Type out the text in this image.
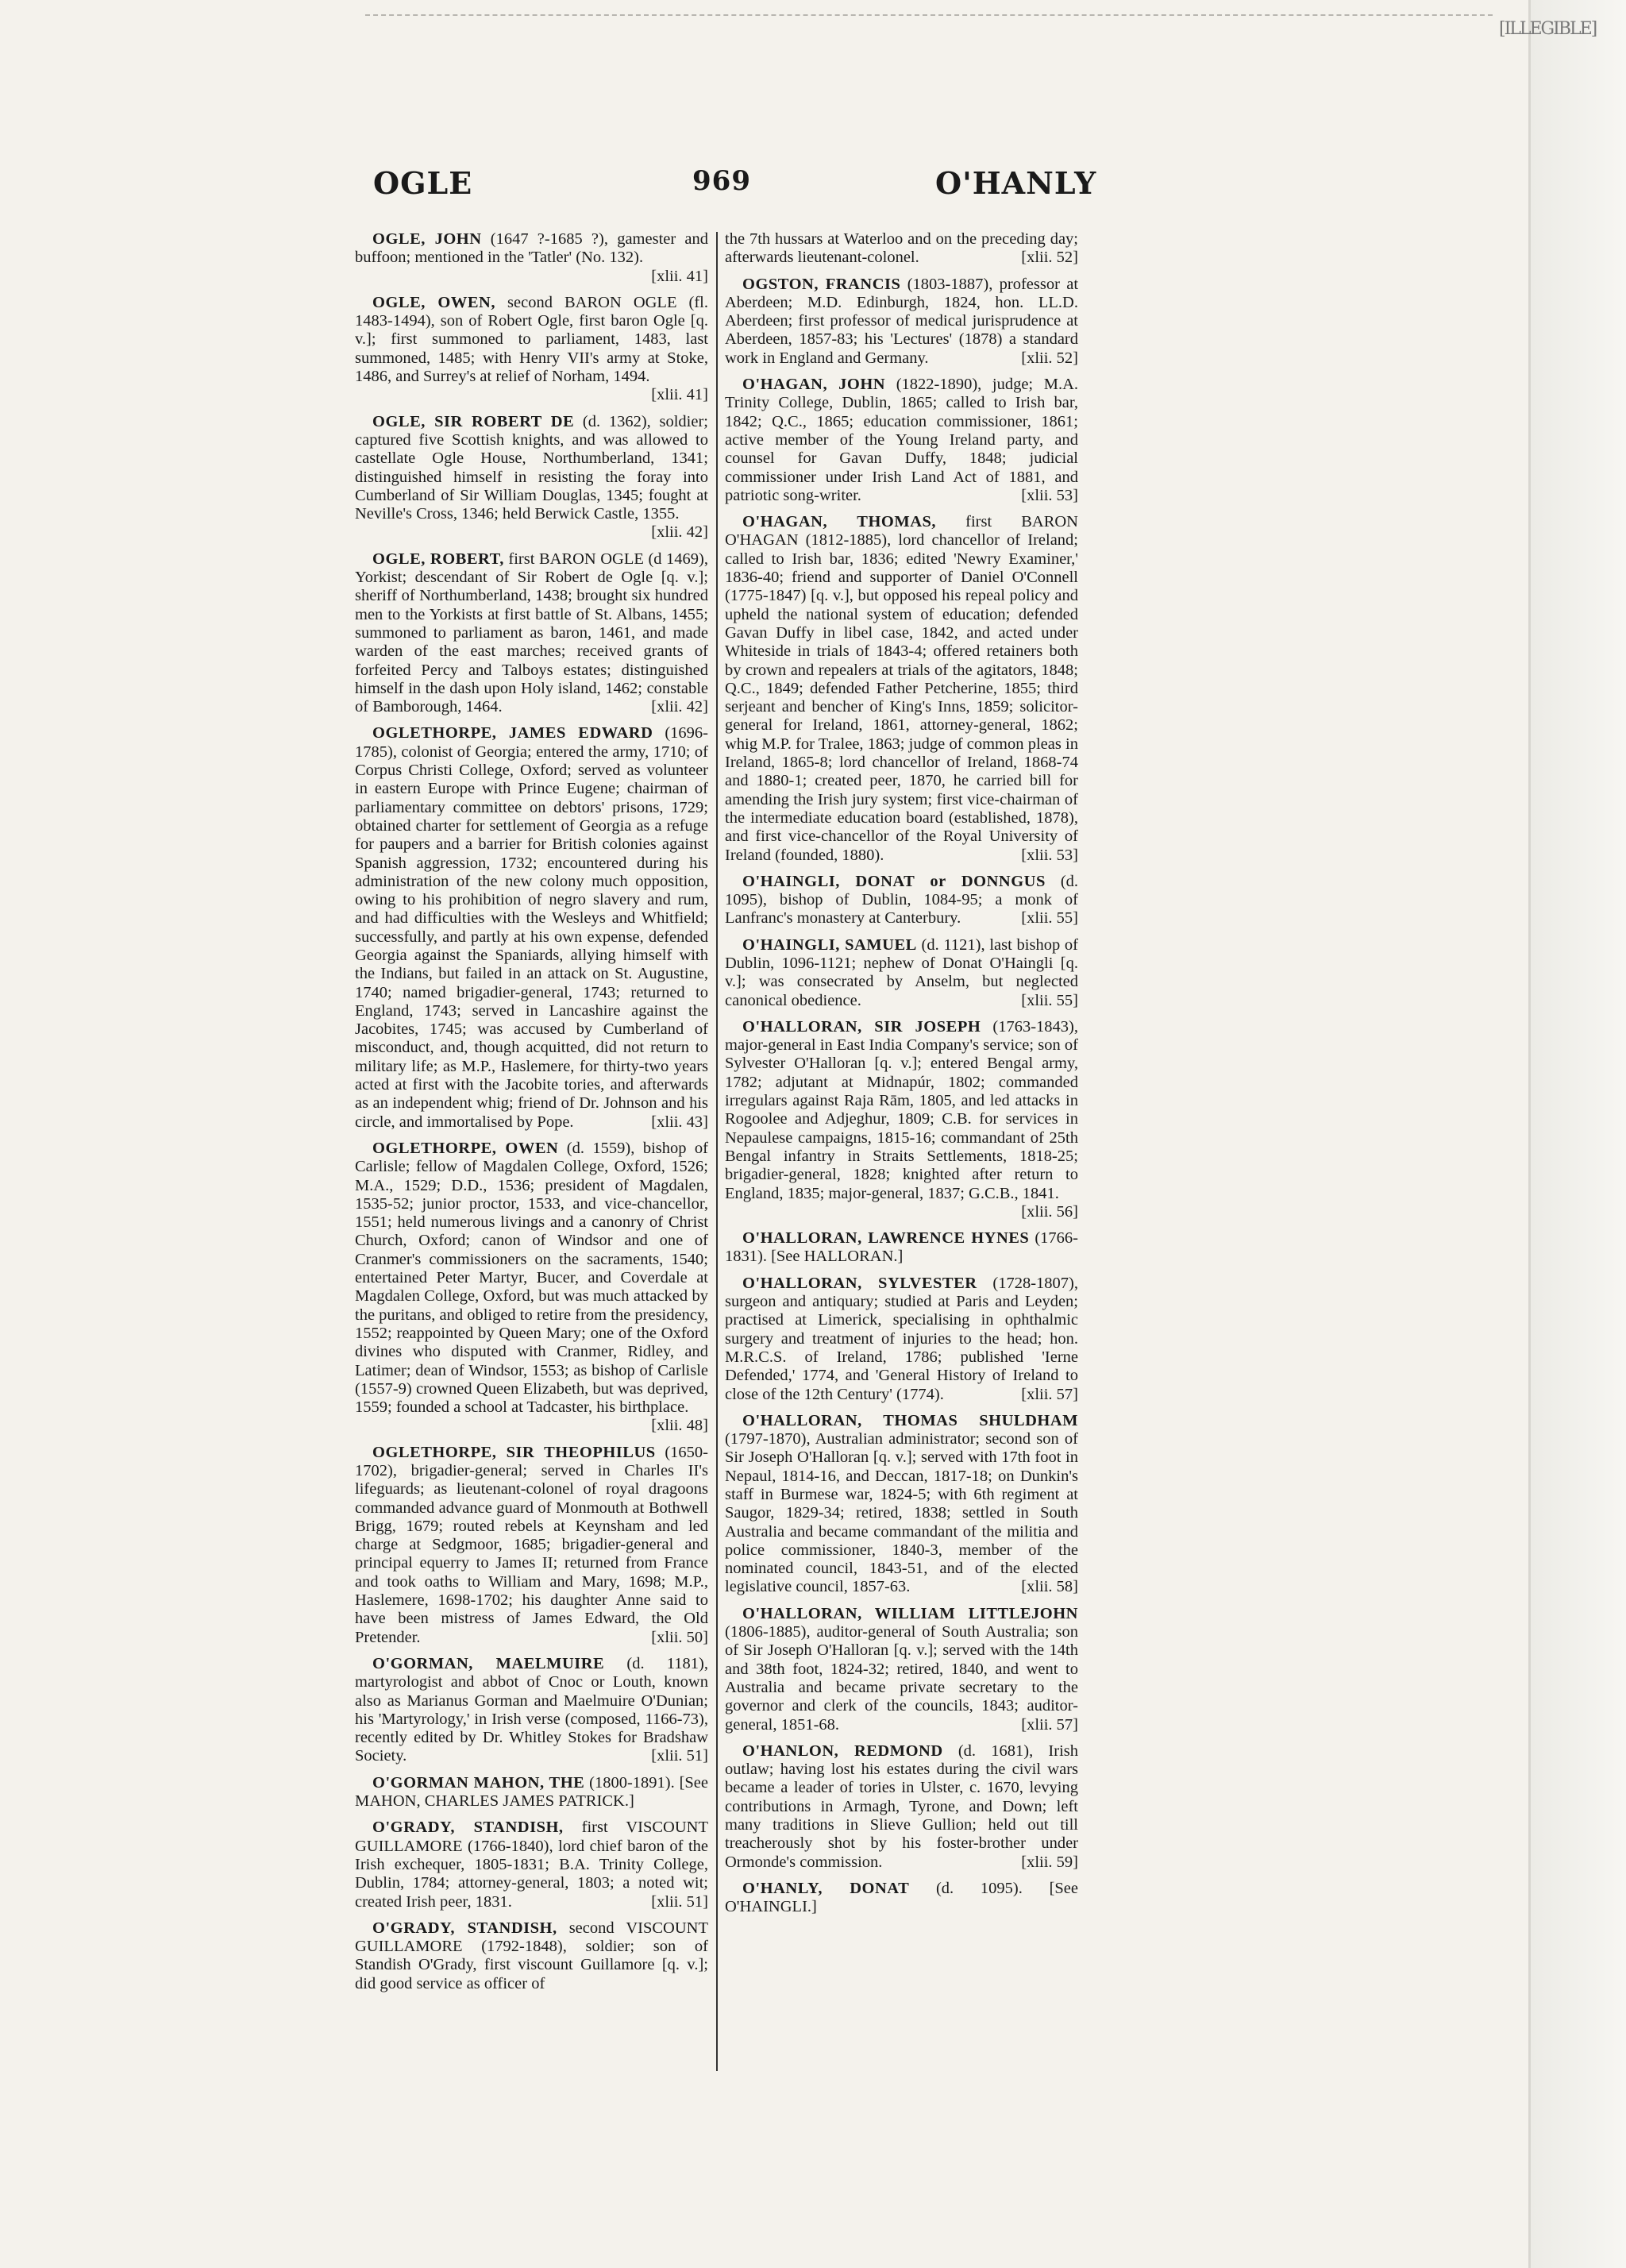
[ILLEGIBLE]
OGLE	969	O'HANLY
OGLE, JOHN (1647 ?-1685 ?), gamester and buffoon; mentioned in the 'Tatler' (No. 132).
[xlii. 41]
OGLE, OWEN, second BARON OGLE (fl. 1483-1494), son of Robert Ogle, first baron Ogle [q. v.]; first summoned to parliament, 1483, last summoned, 1485; with Henry VII's army at Stoke, 1486, and Surrey's at relief of Norham, 1494.
[xlii. 41]
OGLE, SIR ROBERT DE (d. 1362), soldier; captured five Scottish knights, and was allowed to castellate Ogle House, Northumberland, 1341; distinguished himself in resisting the foray into Cumberland of Sir William Douglas, 1345; fought at Neville's Cross, 1346; held Berwick Castle, 1355.
[xlii. 42]
OGLE, ROBERT, first BARON OGLE (d 1469), Yorkist; descendant of Sir Robert de Ogle [q. v.]; sheriff of Northumberland, 1438; brought six hundred men to the Yorkists at first battle of St. Albans, 1455; summoned to parliament as baron, 1461, and made warden of the east marches; received grants of forfeited Percy and Talboys estates; distinguished himself in the dash upon Holy island, 1462; constable of Bamborough, 1464.	[xlii. 42]
OGLETHORPE, JAMES EDWARD (1696-1785), colonist of Georgia; entered the army, 1710; of Corpus Christi College, Oxford; served as volunteer in eastern Europe with Prince Eugene; chairman of parliamentary committee on debtors' prisons, 1729; obtained charter for settlement of Georgia as a refuge for paupers and a barrier for British colonies against Spanish aggression, 1732; encountered during his administration of the new colony much opposition, owing to his prohibition of negro slavery and rum, and had difficulties with the Wesleys and Whitfield; successfully, and partly at his own expense, defended Georgia against the Spaniards, allying himself with the Indians, but failed in an attack on St. Augustine, 1740; named brigadier-general, 1743; returned to England, 1743; served in Lancashire against the Jacobites, 1745; was accused by Cumberland of misconduct, and, though acquitted, did not return to military life; as M.P., Haslemere, for thirty-two years acted at first with the Jacobite tories, and afterwards as an independent whig; friend of Dr. Johnson and his circle, and immortalised by Pope.	[xlii. 43]
OGLETHORPE, OWEN (d. 1559), bishop of Carlisle; fellow of Magdalen College, Oxford, 1526; M.A., 1529; D.D., 1536; president of Magdalen, 1535-52; junior proctor, 1533, and vice-chancellor, 1551; held numerous livings and a canonry of Christ Church, Oxford; canon of Windsor and one of Cranmer's commissioners on the sacraments, 1540; entertained Peter Martyr, Bucer, and Coverdale at Magdalen College, Oxford, but was much attacked by the puritans, and obliged to retire from the presidency, 1552; reappointed by Queen Mary; one of the Oxford divines who disputed with Cranmer, Ridley, and Latimer; dean of Windsor, 1553; as bishop of Carlisle (1557-9) crowned Queen Elizabeth, but was deprived, 1559; founded a school at Tadcaster, his birthplace.
[xlii. 48]
OGLETHORPE, SIR THEOPHILUS (1650-1702), brigadier-general; served in Charles II's lifeguards; as lieutenant-colonel of royal dragoons commanded advance guard of Monmouth at Bothwell Brigg, 1679; routed rebels at Keynsham and led charge at Sedgmoor, 1685; brigadier-general and principal equerry to James II; returned from France and took oaths to William and Mary, 1698; M.P., Haslemere, 1698-1702; his daughter Anne said to have been mistress of James Edward, the Old Pretender.	[xlii. 50]
O'GORMAN, MAELMUIRE (d. 1181), martyrologist and abbot of Cnoc or Louth, known also as Marianus Gorman and Maelmuire O'Dunian; his 'Martyrology,' in Irish verse (composed, 1166-73), recently edited by Dr. Whitley Stokes for Bradshaw Society.	[xlii. 51]
O'GORMAN MAHON, THE (1800-1891). [See MAHON, CHARLES JAMES PATRICK.]
O'GRADY, STANDISH, first VISCOUNT GUILLAMORE (1766-1840), lord chief baron of the Irish exchequer, 1805-1831; B.A. Trinity College, Dublin, 1784; attorney-general, 1803; a noted wit; created Irish peer, 1831.	[xlii. 51]
O'GRADY, STANDISH, second VISCOUNT GUILLAMORE (1792-1848), soldier; son of Standish O'Grady, first viscount Guillamore [q. v.]; did good service as officer of
the 7th hussars at Waterloo and on the preceding day; afterwards lieutenant-colonel.	[xlii. 52]
OGSTON, FRANCIS (1803-1887), professor at Aberdeen; M.D. Edinburgh, 1824, hon. LL.D. Aberdeen; first professor of medical jurisprudence at Aberdeen, 1857-83; his 'Lectures' (1878) a standard work in England and Germany.	[xlii. 52]
O'HAGAN, JOHN (1822-1890), judge; M.A. Trinity College, Dublin, 1865; called to Irish bar, 1842; Q.C., 1865; education commissioner, 1861; active member of the Young Ireland party, and counsel for Gavan Duffy, 1848; judicial commissioner under Irish Land Act of 1881, and patriotic song-writer.	[xlii. 53]
O'HAGAN, THOMAS, first BARON O'HAGAN (1812-1885), lord chancellor of Ireland; called to Irish bar, 1836; edited 'Newry Examiner,' 1836-40; friend and supporter of Daniel O'Connell (1775-1847) [q. v.], but opposed his repeal policy and upheld the national system of education; defended Gavan Duffy in libel case, 1842, and acted under Whiteside in trials of 1843-4; offered retainers both by crown and repealers at trials of the agitators, 1848; Q.C., 1849; defended Father Petcherine, 1855; third serjeant and bencher of King's Inns, 1859; solicitor-general for Ireland, 1861, attorney-general, 1862; whig M.P. for Tralee, 1863; judge of common pleas in Ireland, 1865-8; lord chancellor of Ireland, 1868-74 and 1880-1; created peer, 1870, he carried bill for amending the Irish jury system; first vice-chairman of the intermediate education board (established, 1878), and first vice-chancellor of the Royal University of Ireland (founded, 1880).	[xlii. 53]
O'HAINGLI, DONAT or DONNGUS (d. 1095), bishop of Dublin, 1084-95; a monk of Lanfranc's monastery at Canterbury.	[xlii. 55]
O'HAINGLI, SAMUEL (d. 1121), last bishop of Dublin, 1096-1121; nephew of Donat O'Haingli [q. v.]; was consecrated by Anselm, but neglected canonical obedience.	[xlii. 55]
O'HALLORAN, SIR JOSEPH (1763-1843), major-general in East India Company's service; son of Sylvester O'Halloran [q. v.]; entered Bengal army, 1782; adjutant at Midnapúr, 1802; commanded irregulars against Raja Rām, 1805, and led attacks in Rogoolee and Adjeghur, 1809; C.B. for services in Nepaulese campaigns, 1815-16; commandant of 25th Bengal infantry in Straits Settlements, 1818-25; brigadier-general, 1828; knighted after return to England, 1835; major-general, 1837; G.C.B., 1841.
[xlii. 56]
O'HALLORAN, LAWRENCE HYNES (1766-1831). [See HALLORAN.]
O'HALLORAN, SYLVESTER (1728-1807), surgeon and antiquary; studied at Paris and Leyden; practised at Limerick, specialising in ophthalmic surgery and treatment of injuries to the head; hon. M.R.C.S. of Ireland, 1786; published 'Ierne Defended,' 1774, and 'General History of Ireland to close of the 12th Century' (1774).	[xlii. 57]
O'HALLORAN, THOMAS SHULDHAM (1797-1870), Australian administrator; second son of Sir Joseph O'Halloran [q. v.]; served with 17th foot in Nepaul, 1814-16, and Deccan, 1817-18; on Dunkin's staff in Burmese war, 1824-5; with 6th regiment at Saugor, 1829-34; retired, 1838; settled in South Australia and became commandant of the militia and police commissioner, 1840-3, member of the nominated council, 1843-51, and of the elected legislative council, 1857-63.	[xlii. 58]
O'HALLORAN, WILLIAM LITTLEJOHN (1806-1885), auditor-general of South Australia; son of Sir Joseph O'Halloran [q. v.]; served with the 14th and 38th foot, 1824-32; retired, 1840, and went to Australia and became private secretary to the governor and clerk of the councils, 1843; auditor-general, 1851-68.	[xlii. 57]
O'HANLON, REDMOND (d. 1681), Irish outlaw; having lost his estates during the civil wars became a leader of tories in Ulster, c. 1670, levying contributions in Armagh, Tyrone, and Down; left many traditions in Slieve Gullion; held out till treacherously shot by his foster-brother under Ormonde's commission.	[xlii. 59]
O'HANLY, DONAT (d. 1095). [See O'HAINGLI.]
